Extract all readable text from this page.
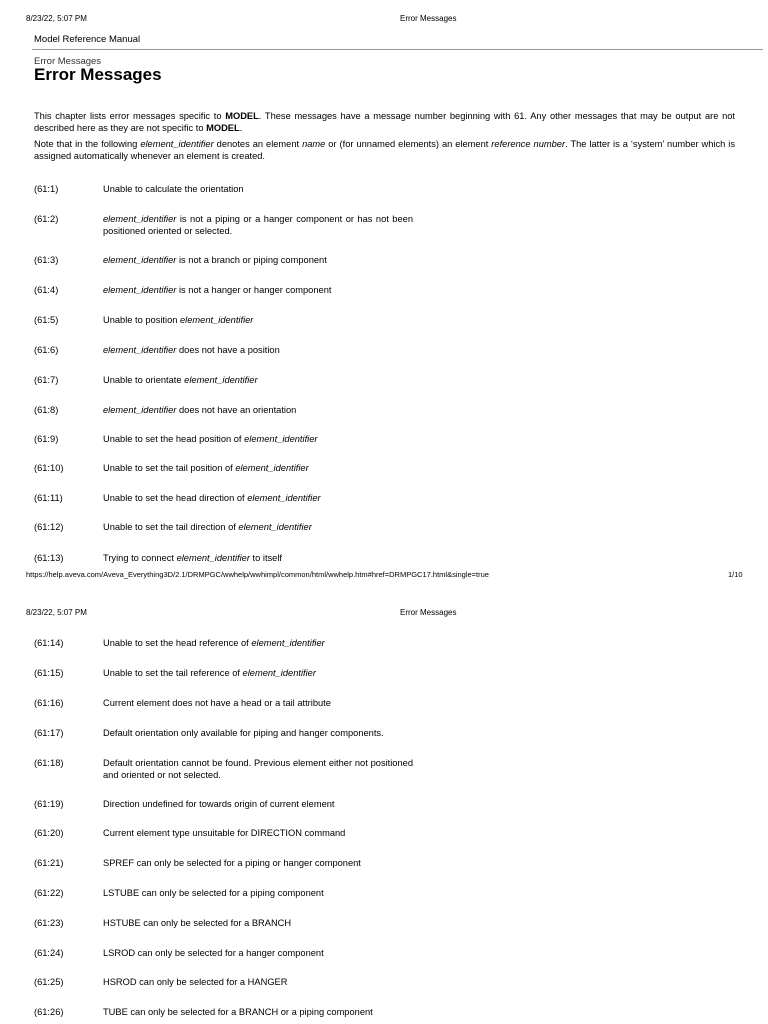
8/23/22, 5:07 PM	Error Messages
Model Reference Manual
Error Messages
Error Messages
This chapter lists error messages specific to MODEL. These messages have a message number beginning with 61. Any other messages that may be output are not described here as they are not specific to MODEL.
Note that in the following element_identifier denotes an element name or (for unnamed elements) an element reference number. The latter is a ‘system’ number which is assigned automatically whenever an element is created.
(61:1)	Unable to calculate the orientation
(61:2)	element_identifier is not a piping or a hanger component or has not been positioned oriented or selected.
(61:3)	element_identifier is not a branch or piping component
(61:4)	element_identifier is not a hanger or hanger component
(61:5)	Unable to position element_identifier
(61:6)	element_identifier does not have a position
(61:7)	Unable to orientate element_identifier
(61:8)	element_identifier does not have an orientation
(61:9)	Unable to set the head position of element_identifier
(61:10)	Unable to set the tail position of element_identifier
(61:11)	Unable to set the head direction of element_identifier
(61:12)	Unable to set the tail direction of element_identifier
(61:13)	Trying to connect element_identifier to itself
https://help.aveva.com/Aveva_Everything3D/2.1/DRMPGC/wwhelp/wwhimpl/common/html/wwhelp.htm#href=DRMPGC17.html&single=true	1/10
8/23/22, 5:07 PM	Error Messages
(61:14)	Unable to set the head reference of element_identifier
(61:15)	Unable to set the tail reference of element_identifier
(61:16)	Current element does not have a head or a tail attribute
(61:17)	Default orientation only available for piping and hanger components.
(61:18)	Default orientation cannot be found. Previous element either not positioned and oriented or not selected.
(61:19)	Direction undefined for towards origin of current element
(61:20)	Current element type unsuitable for DIRECTION command
(61:21)	SPREF can only be selected for a piping or hanger component
(61:22)	LSTUBE can only be selected for a piping component
(61:23)	HSTUBE can only be selected for a BRANCH
(61:24)	LSROD can only be selected for a hanger component
(61:25)	HSROD can only be selected for a HANGER
(61:26)	TUBE can only be selected for a BRANCH or a piping component
